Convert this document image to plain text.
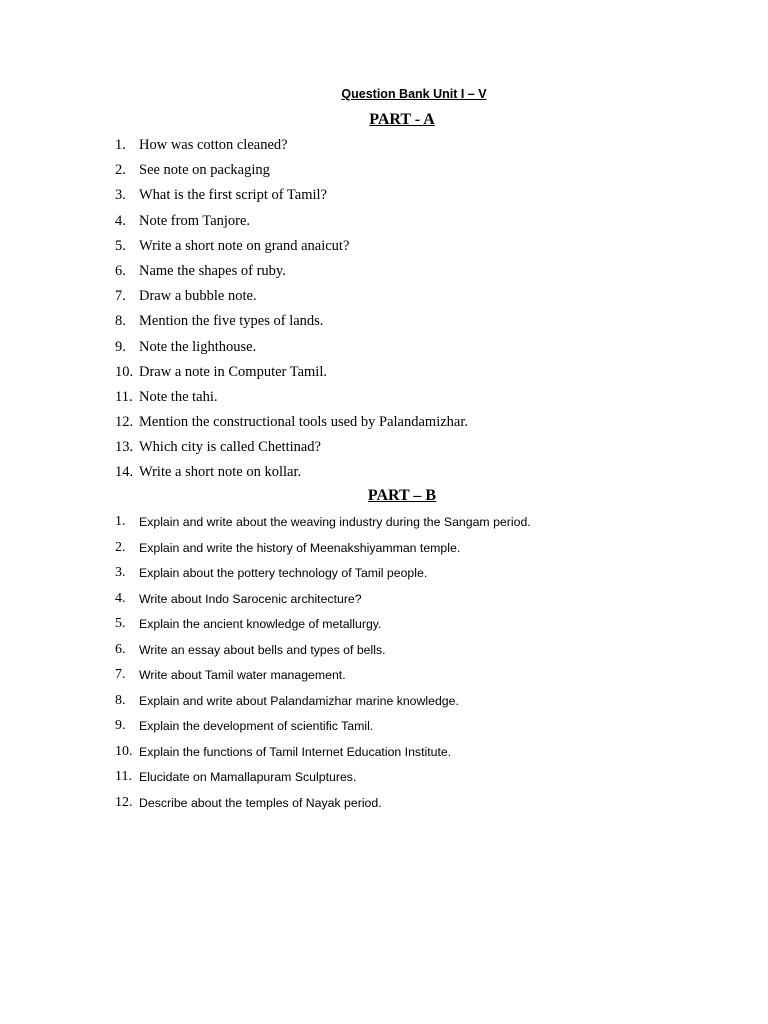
Question Bank Unit I – V
PART - A
1. How was cotton cleaned?
2. See note on packaging
3. What is the first script of Tamil?
4. Note from Tanjore.
5. Write a short note on grand anaicut?
6. Name the shapes of ruby.
7. Draw a bubble note.
8. Mention the five types of lands.
9. Note the lighthouse.
10. Draw a note in Computer Tamil.
11. Note the tahi.
12. Mention the constructional tools used by Palandamizhar.
13. Which city is called Chettinad?
14. Write a short note on kollar.
PART – B
1. Explain and write about the weaving industry during the Sangam period.
2. Explain and write the history of Meenakshiyamman temple.
3. Explain about the pottery technology of Tamil people.
4. Write about Indo Sarocenic architecture?
5. Explain the ancient knowledge of metallurgy.
6. Write an essay about bells and types of bells.
7. Write about Tamil water management.
8. Explain and write about Palandamizhar marine knowledge.
9. Explain the development of scientific Tamil.
10. Explain the functions of Tamil Internet Education Institute.
11. Elucidate on Mamallapuram Sculptures.
12. Describe about the temples of Nayak period.
